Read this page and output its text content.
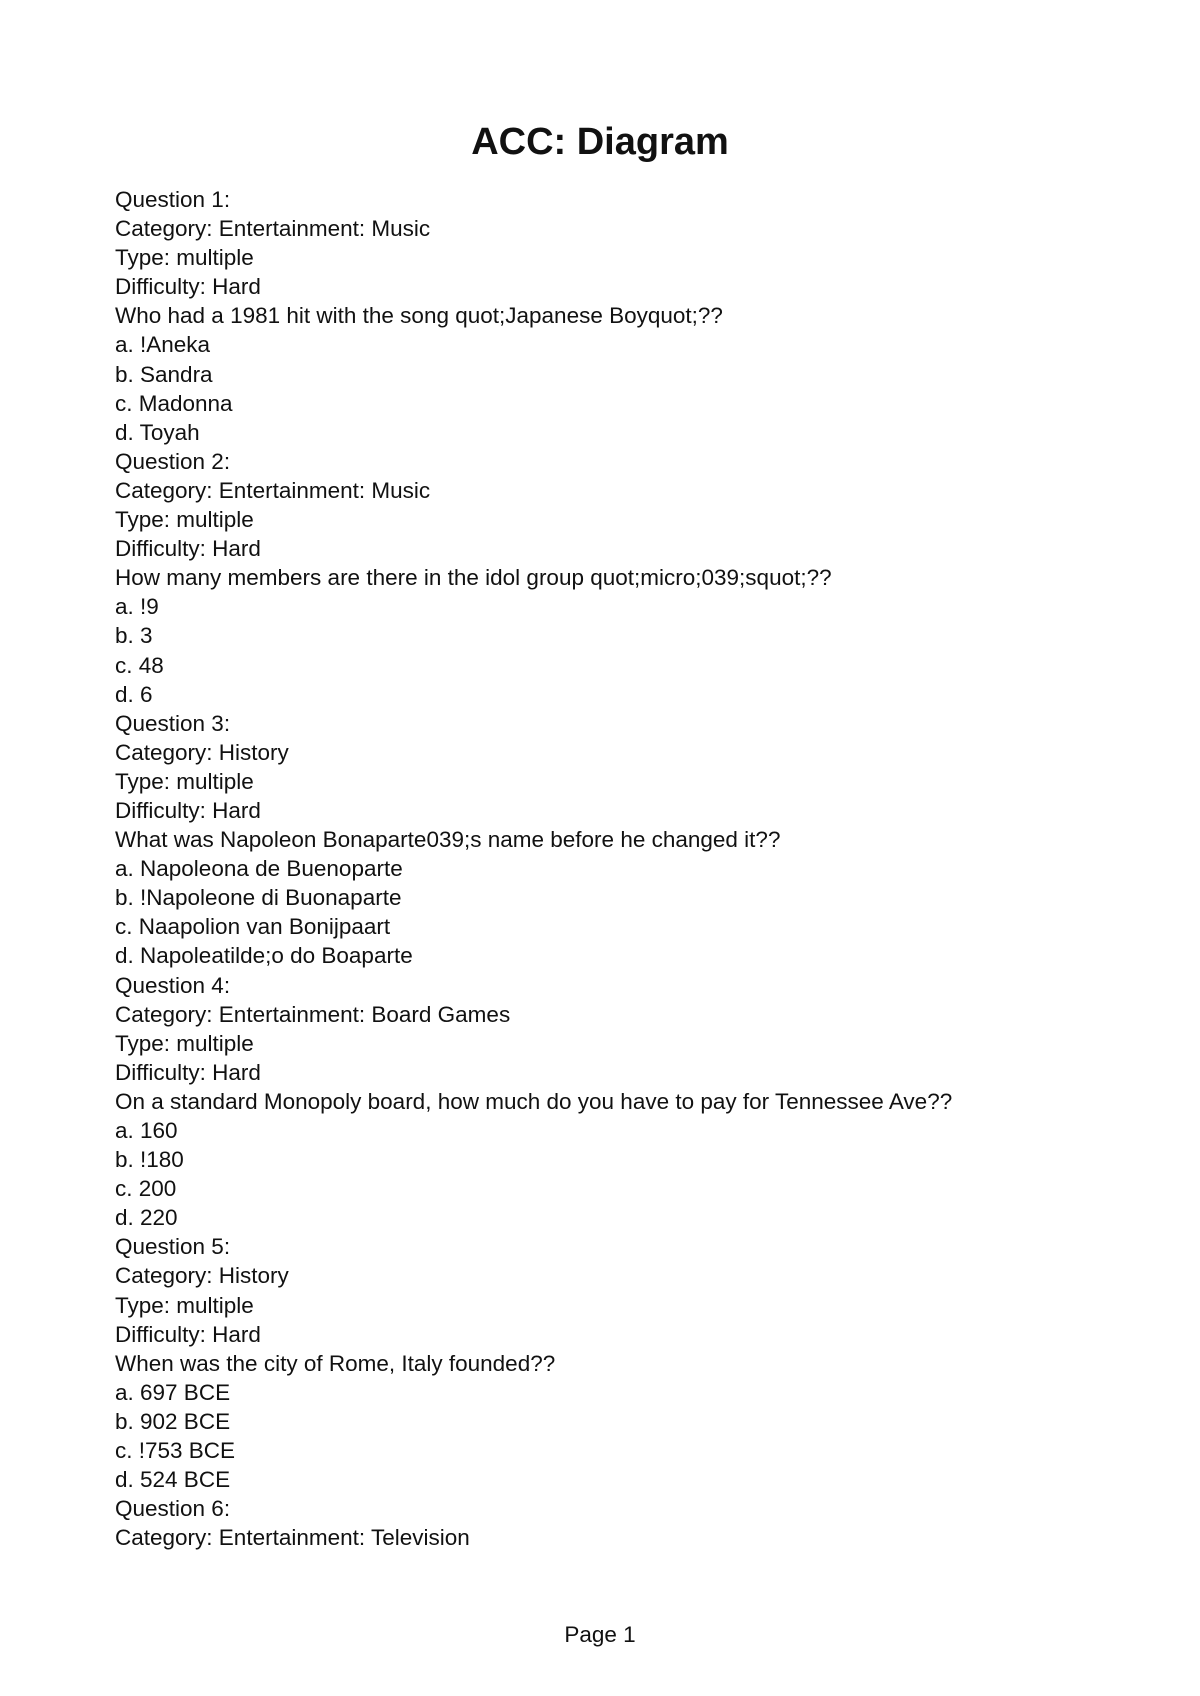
ACC: Diagram
Question 1:
Category: Entertainment: Music
Type: multiple
Difficulty: Hard
Who had a 1981 hit with the song quot;Japanese Boyquot;??
a. !Aneka
b. Sandra
c. Madonna
d. Toyah
Question 2:
Category: Entertainment: Music
Type: multiple
Difficulty: Hard
How many members are there in the idol group quot;micro;039;squot;??
a. !9
b. 3
c. 48
d. 6
Question 3:
Category: History
Type: multiple
Difficulty: Hard
What was Napoleon Bonaparte039;s name before he changed it??
a. Napoleona de Buenoparte
b. !Napoleone di Buonaparte
c. Naapolion van Bonijpaart
d. Napoleatilde;o do Boaparte
Question 4:
Category: Entertainment: Board Games
Type: multiple
Difficulty: Hard
On a standard Monopoly board, how much do you have to pay for Tennessee Ave??
a. 160
b. !180
c. 200
d. 220
Question 5:
Category: History
Type: multiple
Difficulty: Hard
When was the city of Rome, Italy founded??
a. 697 BCE
b. 902 BCE
c. !753 BCE
d. 524 BCE
Question 6:
Category: Entertainment: Television
Page 1
